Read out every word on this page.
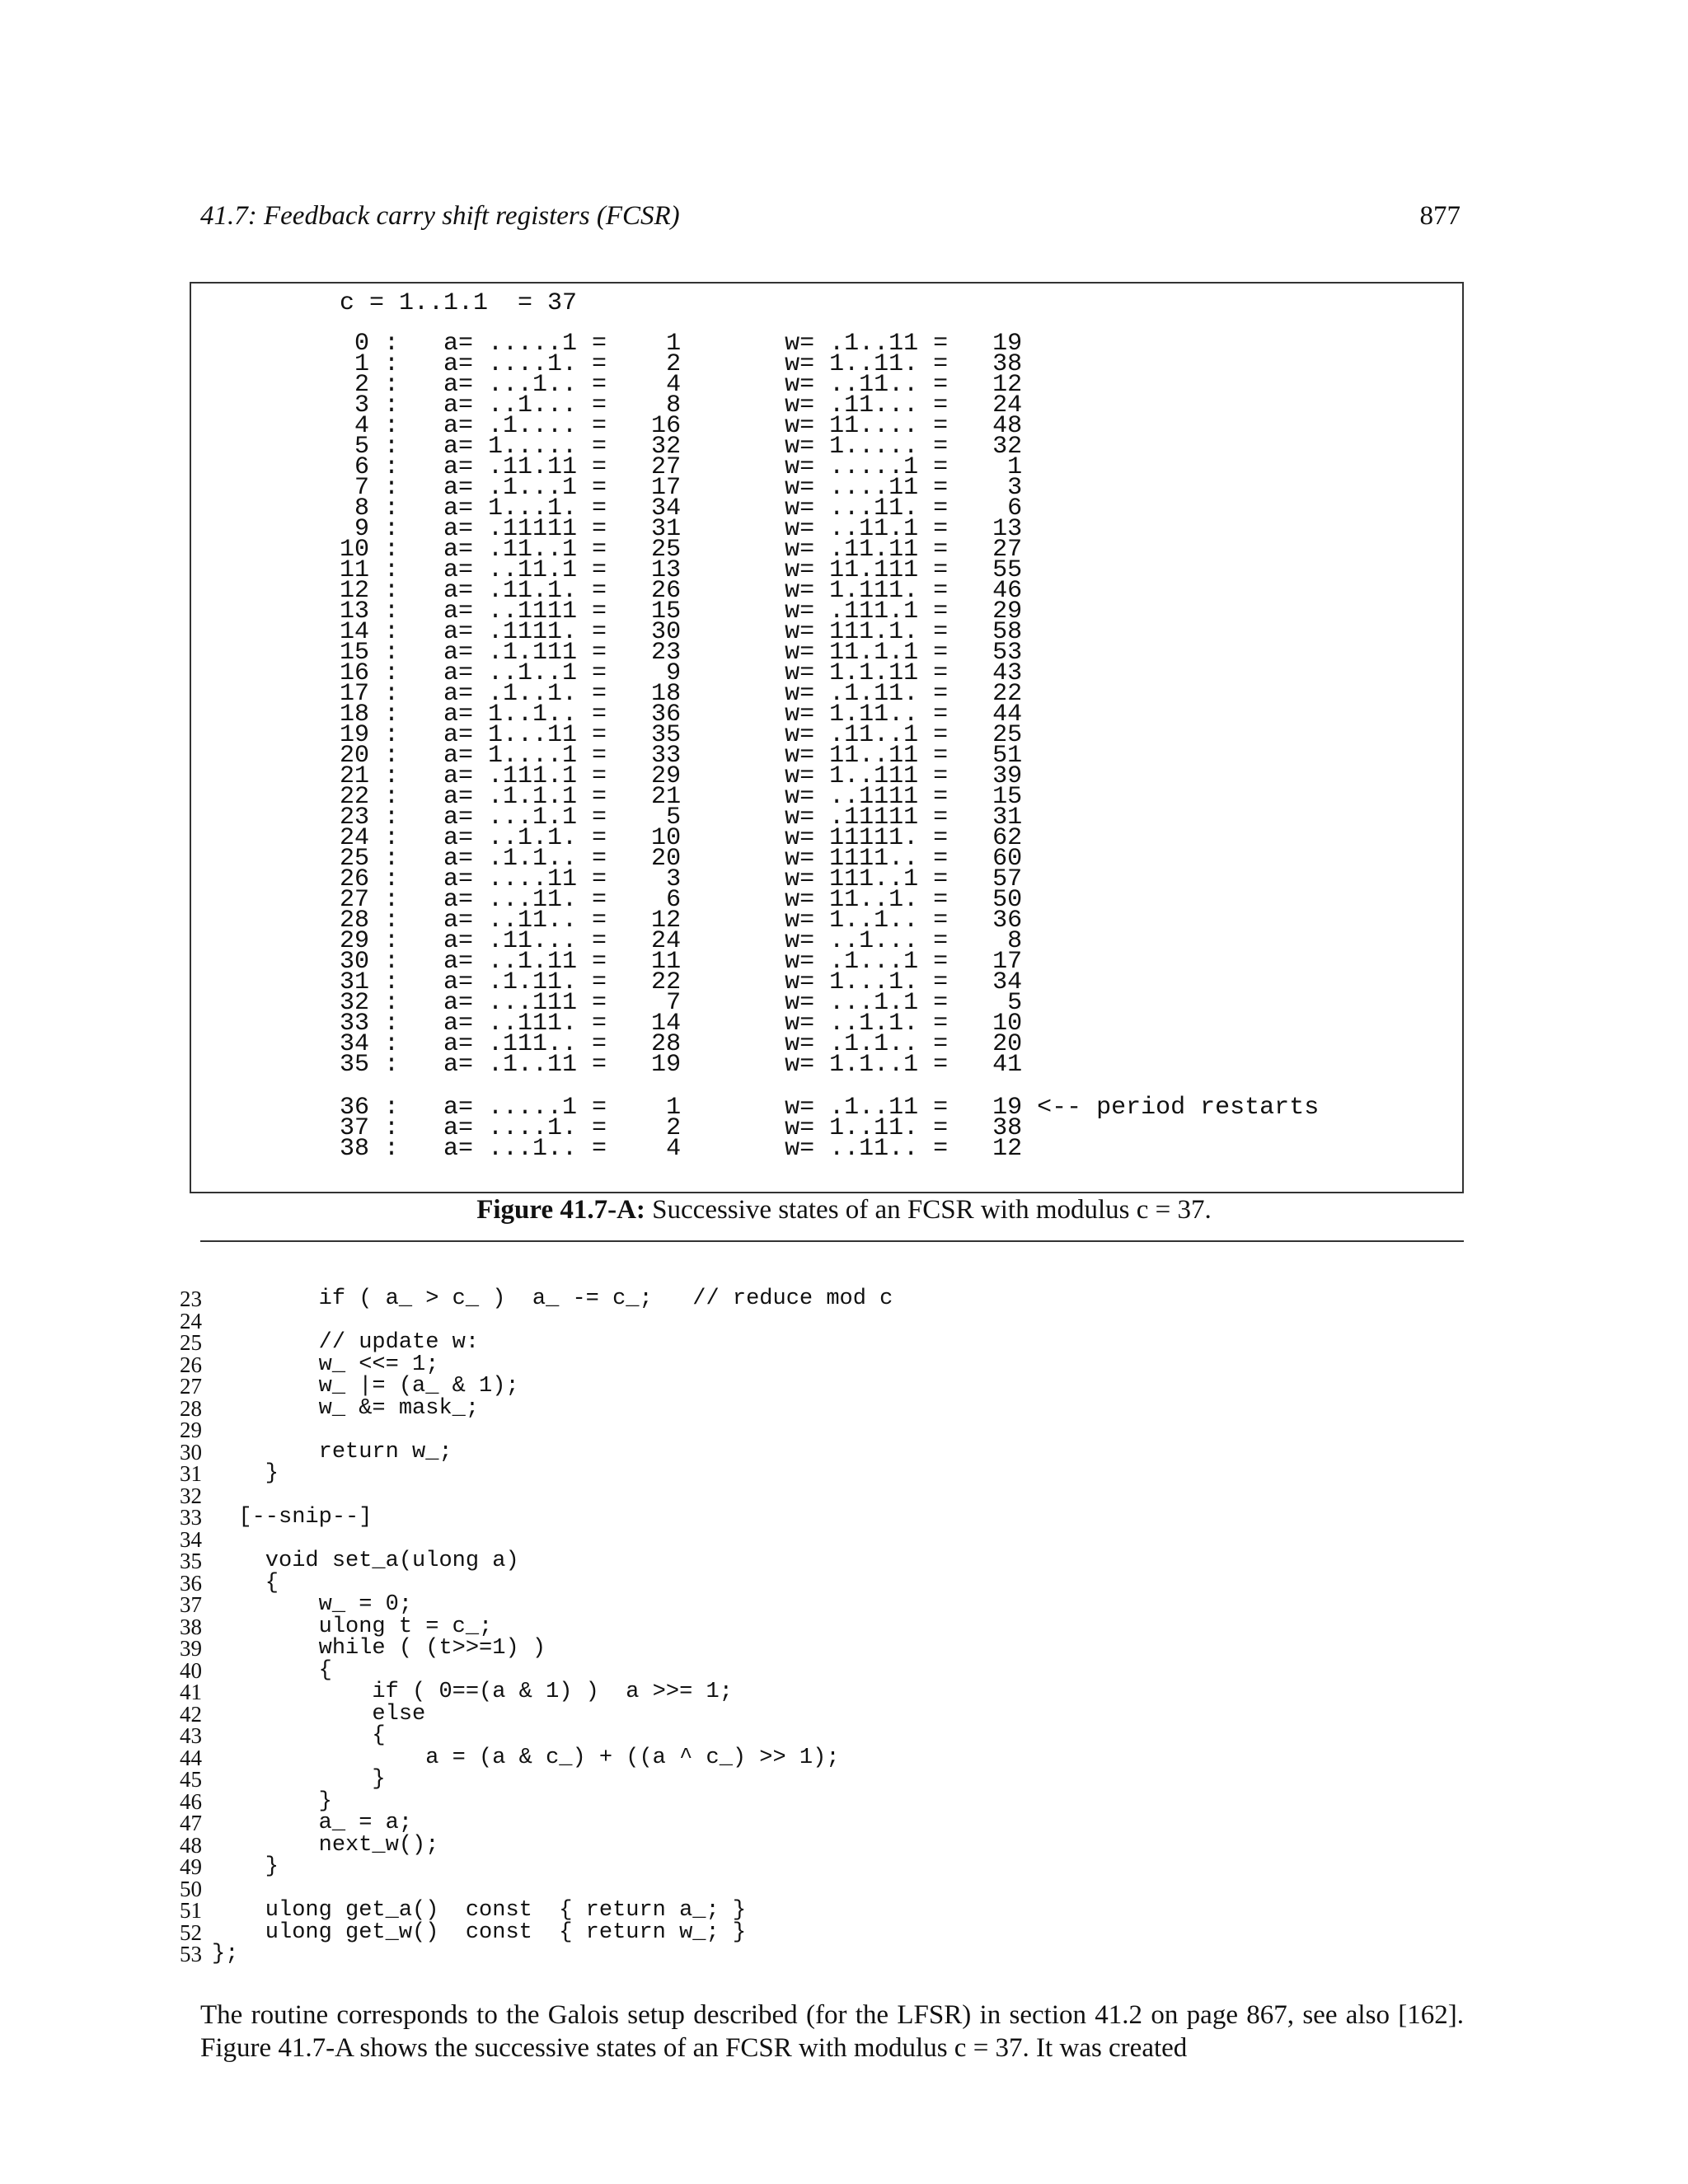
41.7: Feedback carry shift registers (FCSR)	877
c = 1..1.1  = 37
0 :   a= .....1 =    1       w= .1..11 =   19
1 :   a= ....1. =    2       w= 1..11. =   38
2 :   a= ...1.. =    4       w= ..11.. =   12
3 :   a= ..1... =    8       w= .11... =   24
4 :   a= .1.... =   16       w= 11.... =   48
5 :   a= 1..... =   32       w= 1..... =   32
6 :   a= .11.11 =   27       w= .....1 =    1
7 :   a= .1...1 =   17       w= ....11 =    3
8 :   a= 1...1. =   34       w= ...11. =    6
9 :   a= .11111 =   31       w= ..11.1 =   13
10 :   a= .11..1 =   25       w= .11.11 =   27
11 :   a= ..11.1 =   13       w= 11.111 =   55
12 :   a= .11.1. =   26       w= 1.111. =   46
13 :   a= ..1111 =   15       w= .111.1 =   29
14 :   a= .1111. =   30       w= 111.1. =   58
15 :   a= .1.111 =   23       w= 11.1.1 =   53
16 :   a= ..1..1 =    9       w= 1.1.11 =   43
17 :   a= .1..1. =   18       w= .1.11. =   22
18 :   a= 1..1.. =   36       w= 1.11.. =   44
19 :   a= 1...11 =   35       w= .11..1 =   25
20 :   a= 1....1 =   33       w= 11..11 =   51
21 :   a= .111.1 =   29       w= 1..111 =   39
22 :   a= .1.1.1 =   21       w= ..1111 =   15
23 :   a= ...1.1 =    5       w= .11111 =   31
24 :   a= ..1.1. =   10       w= 11111. =   62
25 :   a= .1.1.. =   20       w= 1111.. =   60
26 :   a= ....11 =    3       w= 111..1 =   57
27 :   a= ...11. =    6       w= 11..1. =   50
28 :   a= ..11.. =   12       w= 1..1.. =   36
29 :   a= .11... =   24       w= ..1... =    8
30 :   a= ..1.11 =   11       w= .1...1 =   17
31 :   a= .1.11. =   22       w= 1...1. =   34
32 :   a= ...111 =    7       w= ...1.1 =    5
33 :   a= ..111. =   14       w= ..1.1. =   10
34 :   a= .111.. =   28       w= .1.1.. =   20
35 :   a= .1..11 =   19       w= 1.1..1 =   41
36 :   a= .....1 =    1       w= .1..11 =   19 <-- period restarts
37 :   a= ....1. =    2       w= 1..11. =   38
38 :   a= ...1.. =    4       w= ..11.. =   12
Figure 41.7-A: Successive states of an FCSR with modulus c = 37.
23 if ( a_ > c_ )  a_ -= c_;   // reduce mod c
24
25 // update w:
26 w_ <<= 1;
27 w_ |= (a_ & 1);
28 w_ &= mask_;
29
30 return w_;
31 }
32
33 [--snip--]
34
35 void set_a(ulong a)
36 {
37 w_ = 0;
38 ulong t = c_;
39 while ( (t>>=1) )
40 {
41 if ( 0==(a & 1) )  a >>= 1;
42 else
43 {
44 a = (a & c_) + ((a ^ c_) >> 1);
45 }
46 }
47 a_ = a;
48 next_w();
49 }
50
51 ulong get_a()  const  { return a_; }
52 ulong get_w()  const  { return w_; }
53 };
The routine corresponds to the Galois setup described (for the LFSR) in section 41.2 on page 867, see also [162]. Figure 41.7-A shows the successive states of an FCSR with modulus c = 37. It was created
